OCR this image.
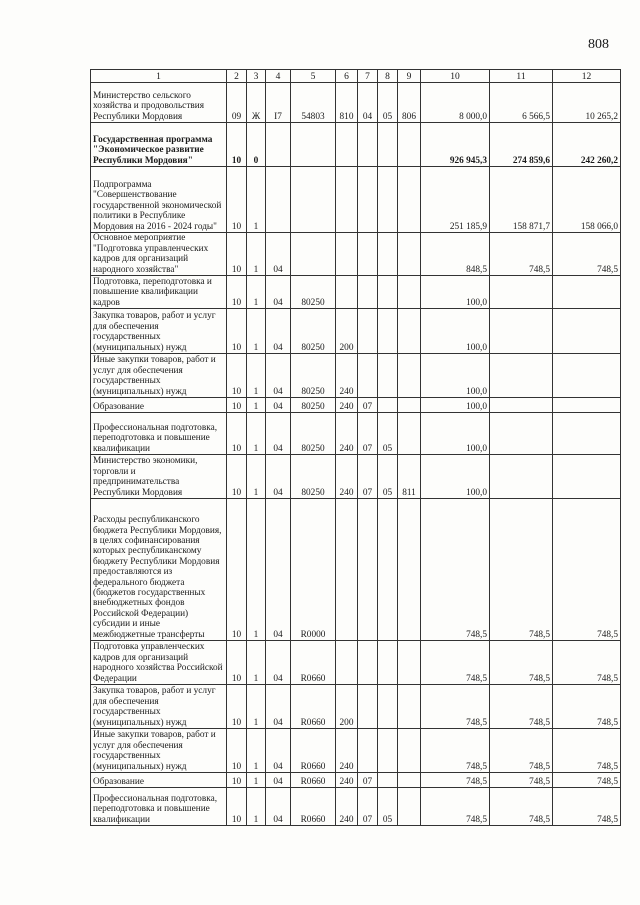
808
1	2	3	4	5	6	7	8	9	10	11	12
Министерство сельского хозяйства и продовольствия Республики Мордовия	09	Ж	I7	54803	810	04	05	806	8 000,0	6 566,5	10 265,2
Государственная программа "Экономическое развитие Республики Мордовия"	10	0							926 945,3	274 859,6	242 260,2
Подпрограмма "Совершенствование государственной экономической политики в Республике Мордовия на 2016 - 2024 годы"	10	1							251 185,9	158 871,7	158 066,0
Основное мероприятие "Подготовка управленческих кадров для организаций народного хозяйства"	10	1	04						848,5	748,5	748,5
Подготовка, переподготовка и повышение квалификации кадров	10	1	04	80250					100,0		
Закупка товаров, работ и услуг для обеспечения государственных (муниципальных) нужд	10	1	04	80250	200				100,0		
Иные закупки товаров, работ и услуг для обеспечения государственных (муниципальных) нужд	10	1	04	80250	240				100,0		
Образование	10	1	04	80250	240	07			100,0		
Профессиональная подготовка, переподготовка и повышение квалификации	10	1	04	80250	240	07	05		100,0		
Министерство экономики, торговли и предпринимательства Республики Мордовия	10	1	04	80250	240	07	05	811	100,0		
Расходы республиканского бюджета Республики Мордовия, в целях софинансирования которых республиканскому бюджету Республики Мордовия предоставляются из федерального бюджета (бюджетов государственных внебюджетных фондов Российской Федерации) субсидии и иные межбюджетные трансферты	10	1	04	R0000					748,5	748,5	748,5
Подготовка управленческих кадров для организаций народного хозяйства Российской Федерации	10	1	04	R0660					748,5	748,5	748,5
Закупка товаров, работ и услуг для обеспечения государственных (муниципальных) нужд	10	1	04	R0660	200				748,5	748,5	748,5
Иные закупки товаров, работ и услуг для обеспечения государственных (муниципальных) нужд	10	1	04	R0660	240				748,5	748,5	748,5
Образование	10	1	04	R0660	240	07			748,5	748,5	748,5
Профессиональная подготовка, переподготовка и повышение квалификации	10	1	04	R0660	240	07	05		748,5	748,5	748,5
